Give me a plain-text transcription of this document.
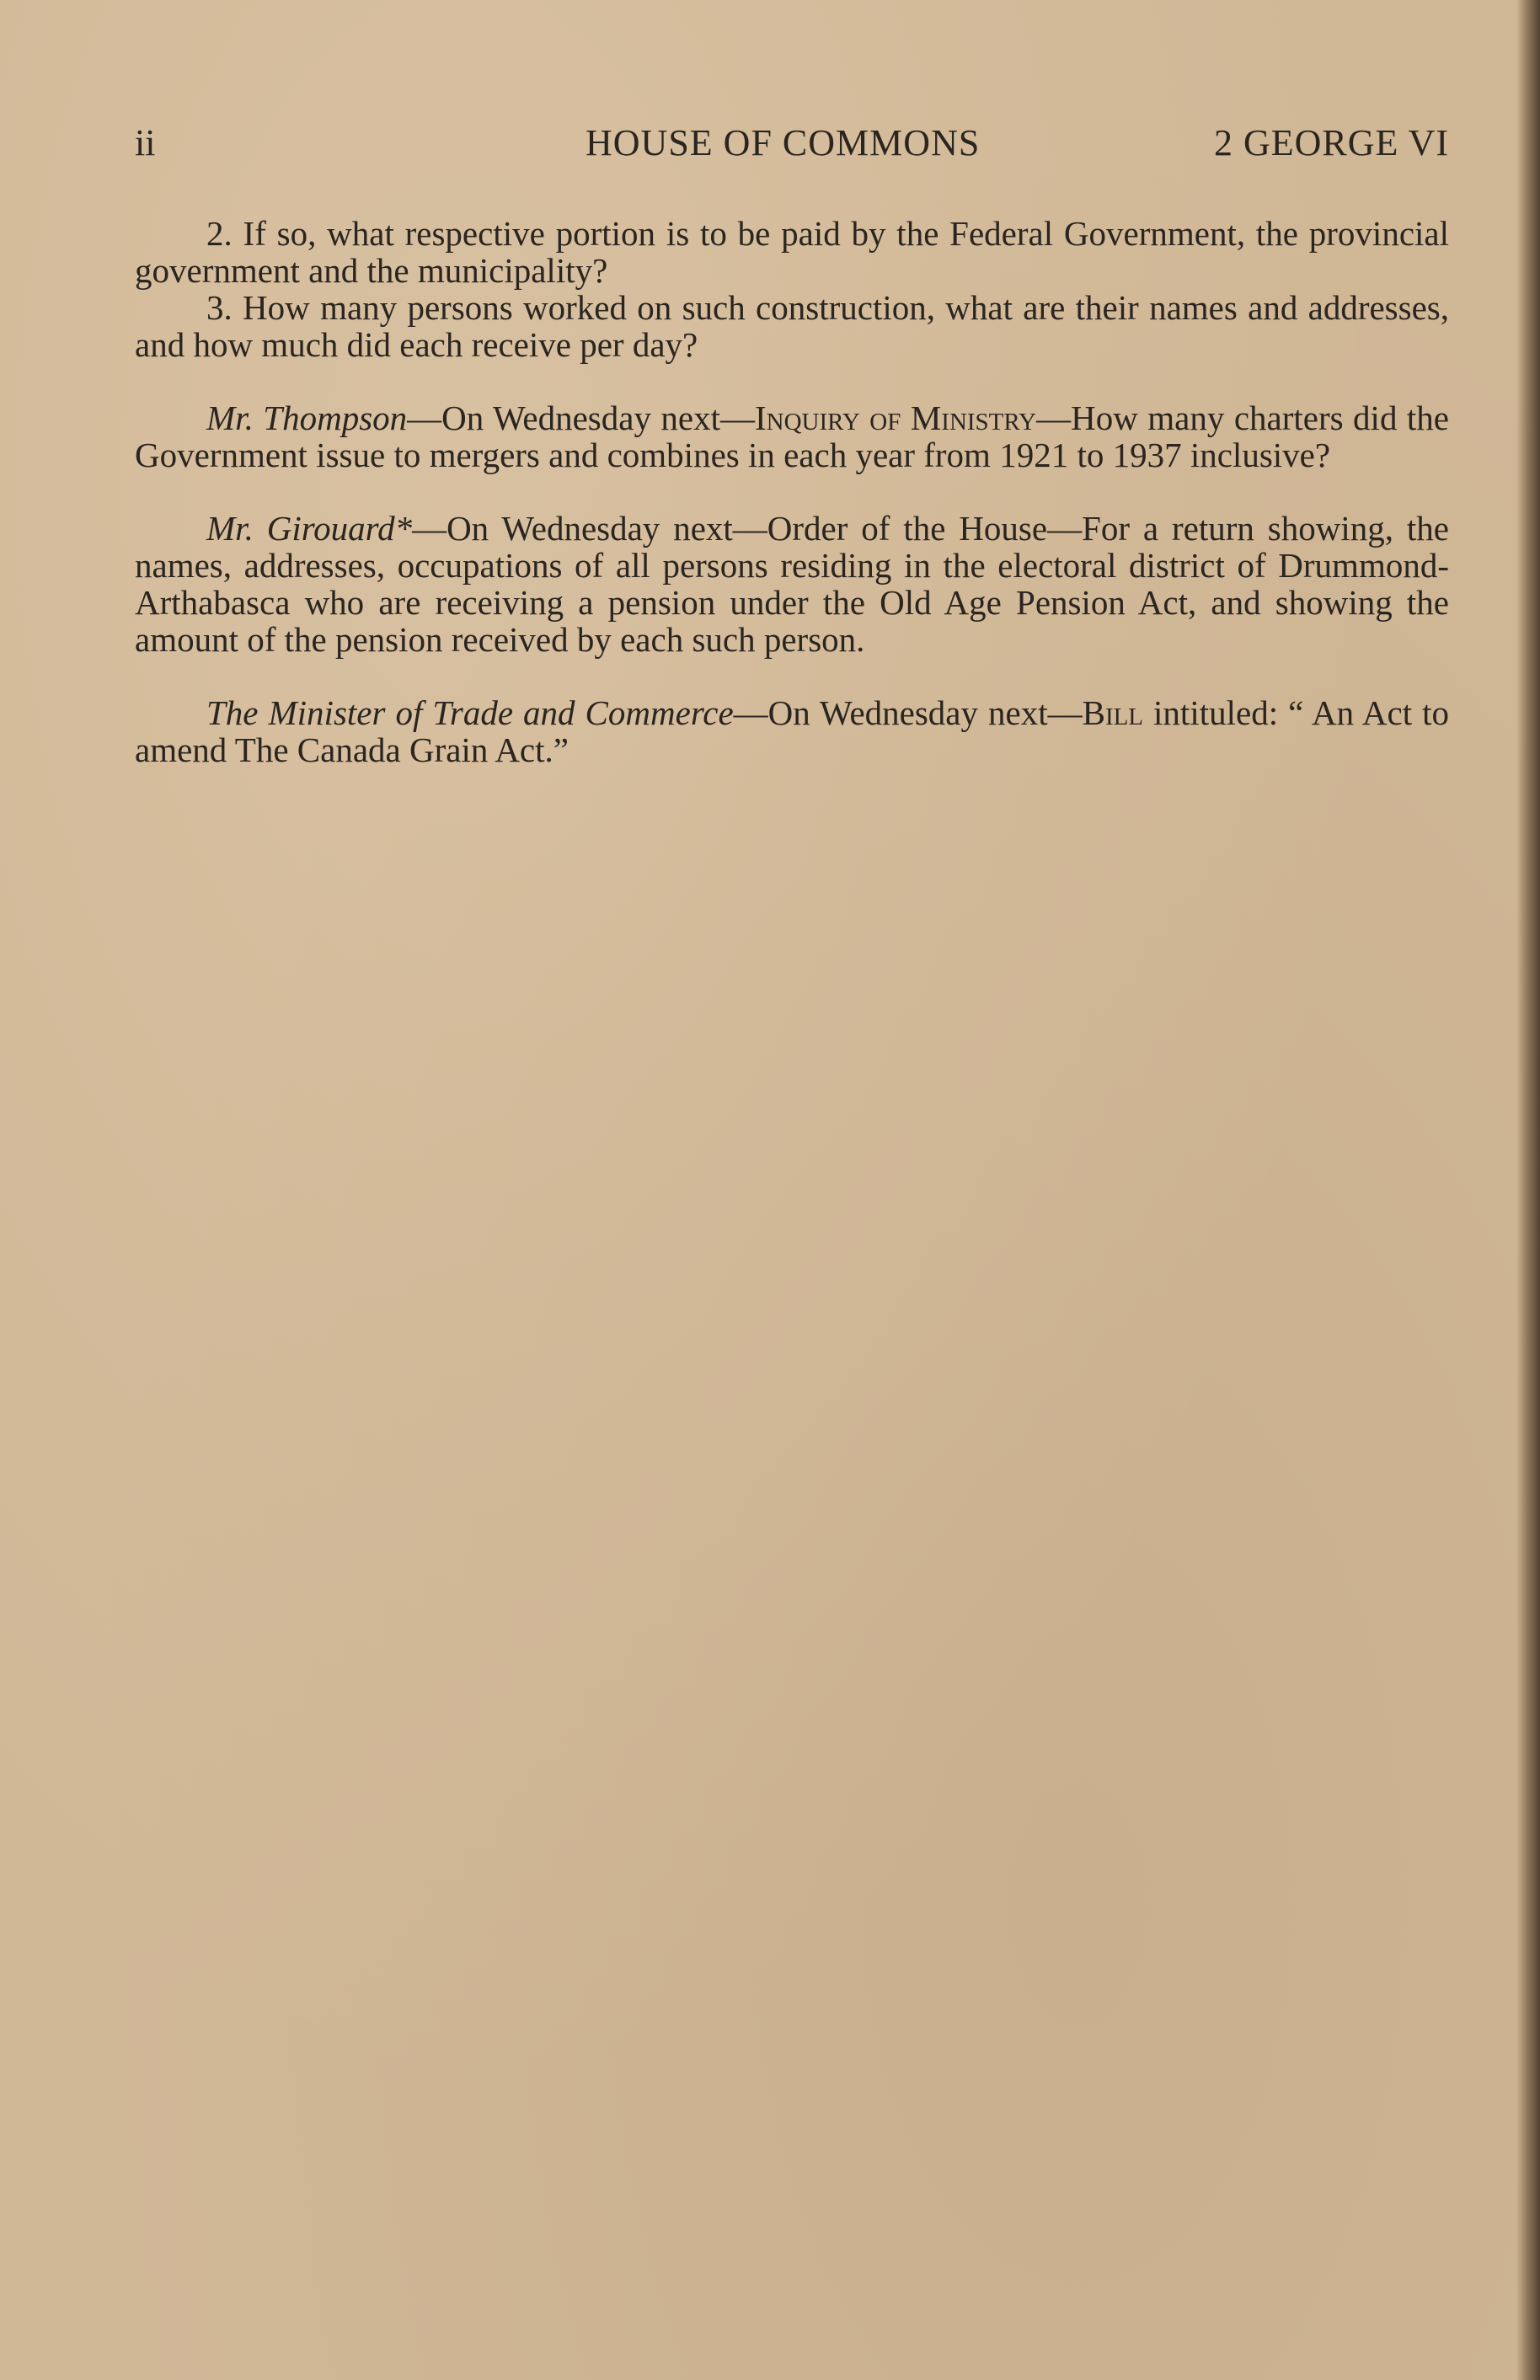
ii	HOUSE OF COMMONS	2 GEORGE VI

2. If so, what respective portion is to be paid by the Federal Government, the provincial government and the municipality?

3. How many persons worked on such construction, what are their names and addresses, and how much did each receive per day?

Mr. Thompson—On Wednesday next—Inquiry of Ministry—How many charters did the Government issue to mergers and combines in each year from 1921 to 1937 inclusive?

Mr. Girouard*—On Wednesday next—Order of the House—For a return showing, the names, addresses, occupations of all persons residing in the electoral district of Drummond-Arthabasca who are receiving a pension under the Old Age Pension Act, and showing the amount of the pension received by each such person.

The Minister of Trade and Commerce—On Wednesday next—Bill intituled: “ An Act to amend The Canada Grain Act.”
